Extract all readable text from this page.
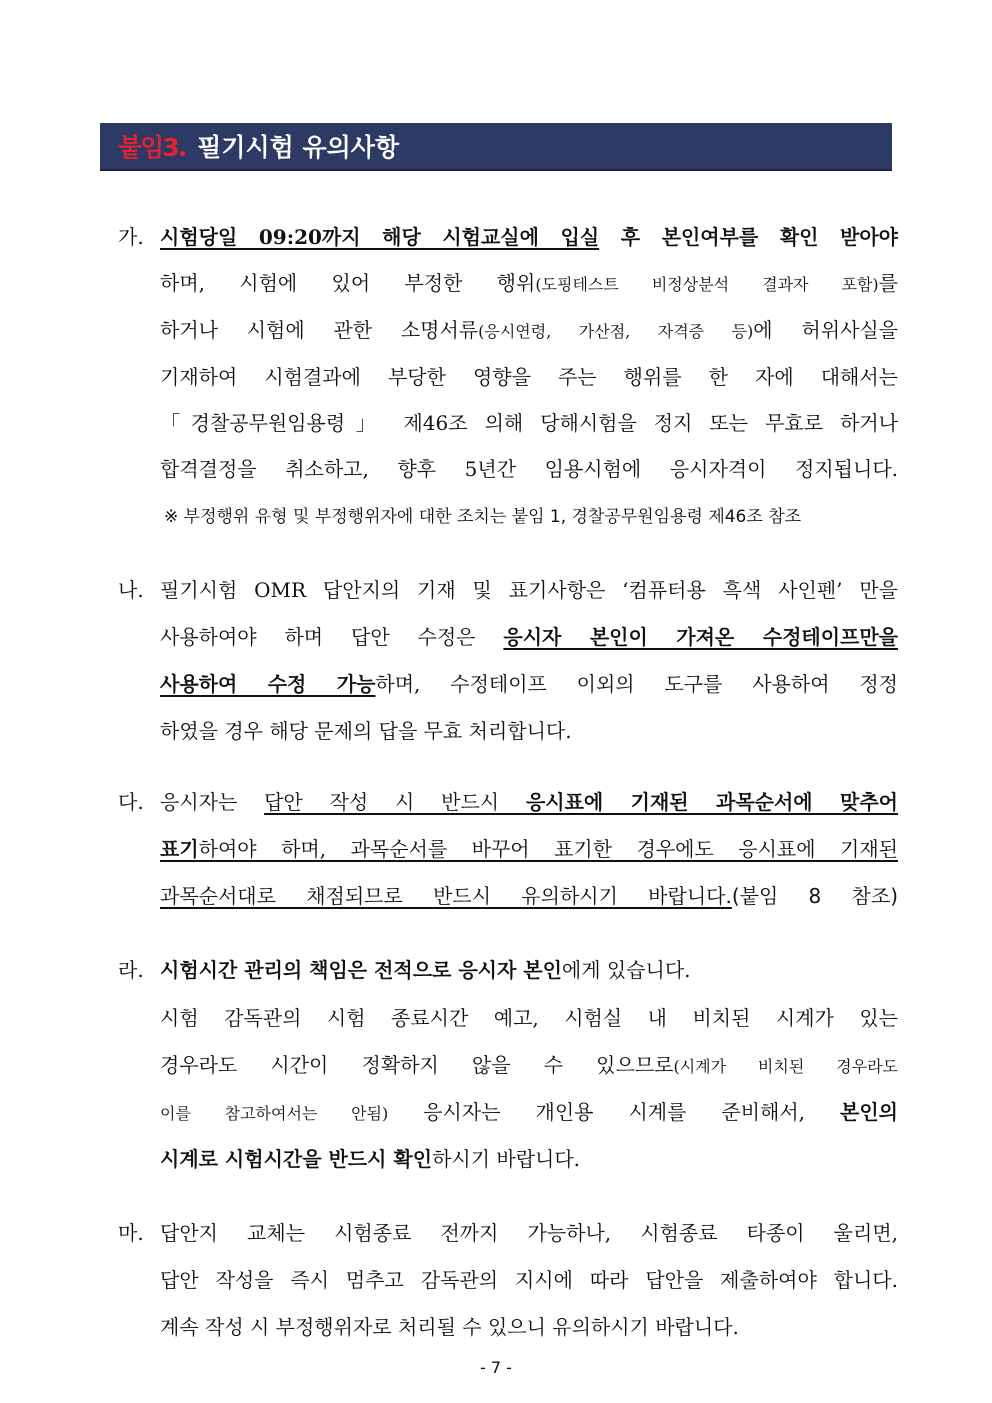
붙임3. 필기시험 유의사항
가. 시험당일 09:20까지 해당 시험교실에 입실 후 본인여부를 확인 받아야
하며, 시험에 있어 부정한 행위(도핑테스트 비정상분석 결과자 포함)를
하거나 시험에 관한 소명서류(응시연령, 가산점, 자격증 등)에 허위사실을
기재하여 시험결과에 부당한 영향을 주는 행위를 한 자에 대해서는
「경찰공무원임용령」 제46조 의해 당해시험을 정지 또는 무효로 하거나
합격결정을 취소하고, 향후 5년간 임용시험에 응시자격이 정지됩니다.
※ 부정행위 유형 및 부정행위자에 대한 조치는 붙임 1, 경찰공무원임용령 제46조 참조
나. 필기시험 OMR 답안지의 기재 및 표기사항은 ‘컴퓨터용 흑색 사인펜’ 만을
사용하여야 하며 답안 수정은 응시자 본인이 가져온 수정테이프만을
사용하여 수정 가능하며, 수정테이프 이외의 도구를 사용하여 정정
하였을 경우 해당 문제의 답을 무효 처리합니다.
다. 응시자는 답안 작성 시 반드시 응시표에 기재된 과목순서에 맞추어
표기하여야 하며, 과목순서를 바꾸어 표기한 경우에도 응시표에 기재된
과목순서대로 채점되므로 반드시 유의하시기 바랍니다.(붙임 8 참조)
라. 시험시간 관리의 책임은 전적으로 응시자 본인에게 있습니다.
시험 감독관의 시험 종료시간 예고, 시험실 내 비치된 시계가 있는
경우라도 시간이 정확하지 않을 수 있으므로(시계가 비치된 경우라도
이를 참고하여서는 안됨) 응시자는 개인용 시계를 준비해서, 본인의
시계로 시험시간을 반드시 확인하시기 바랍니다.
마. 답안지 교체는 시험종료 전까지 가능하나, 시험종료 타종이 울리면,
답안 작성을 즉시 멈추고 감독관의 지시에 따라 답안을 제출하여야 합니다.
계속 작성 시 부정행위자로 처리될 수 있으니 유의하시기 바랍니다.
- 7 -
